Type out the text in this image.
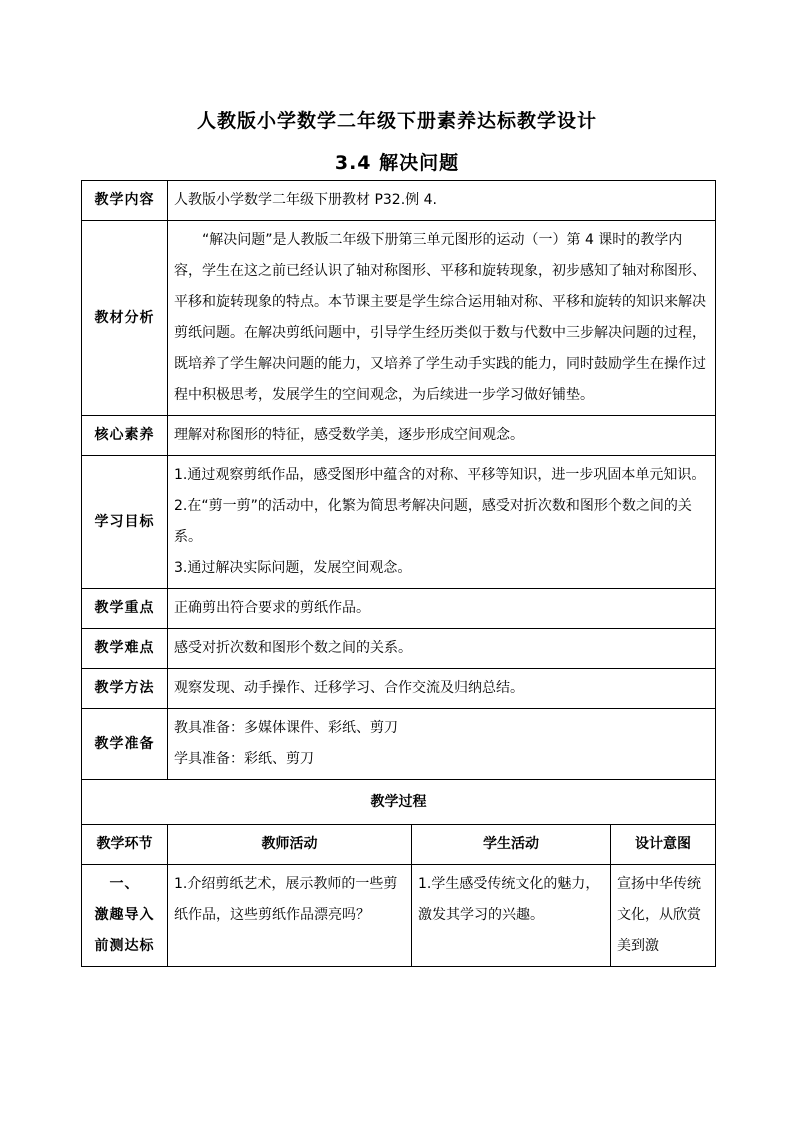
人教版小学数学二年级下册素养达标教学设计
3.4 解决问题
教学内容	人教版小学数学二年级下册教材 P32.例 4.		
教材分析	“解决问题”是人教版二年级下册第三单元图形的运动（一）第 4 课时的教学内容，学生在这之前已经认识了轴对称图形、平移和旋转现象，初步感知了轴对称图形、平移和旋转现象的特点。本节课主要是学生综合运用轴对称、平移和旋转的知识来解决剪纸问题。在解决剪纸问题中，引导学生经历类似于数与代数中三步解决问题的过程，既培养了学生解决问题的能力，又培养了学生动手实践的能力，同时鼓励学生在操作过程中积极思考，发展学生的空间观念，为后续进一步学习做好铺垫。		

核心素养	理解对称图形的特征，感受数学美，逐步形成空间观念。		
学习目标	1.通过观察剪纸作品，感受图形中蕴含的对称、平移等知识，进一步巩固本单元知识。
2.在“剪一剪”的活动中，化繁为简思考解决问题，感受对折次数和图形个数之间的关系。
3.通过解决实际问题，发展空间观念。		

教学重点	正确剪出符合要求的剪纸作品。		
教学难点	感受对折次数和图形个数之间的关系。		
教学方法	观察发现、动手操作、迁移学习、合作交流及归纳总结。		
教学准备	教具准备：多媒体课件、彩纸、剪刀
学具准备：彩纸、剪刀		

教学过程			
教学环节	教师活动	学生活动	设计意图

一、
激趣导入
前测达标	1.介绍剪纸艺术，展示教师的一些剪纸作品，这些剪纸作品漂亮吗？	1.学生感受传统文化的魅力，激发其学习的兴趣。	宣扬中华传统文化，从欣赏美到激
